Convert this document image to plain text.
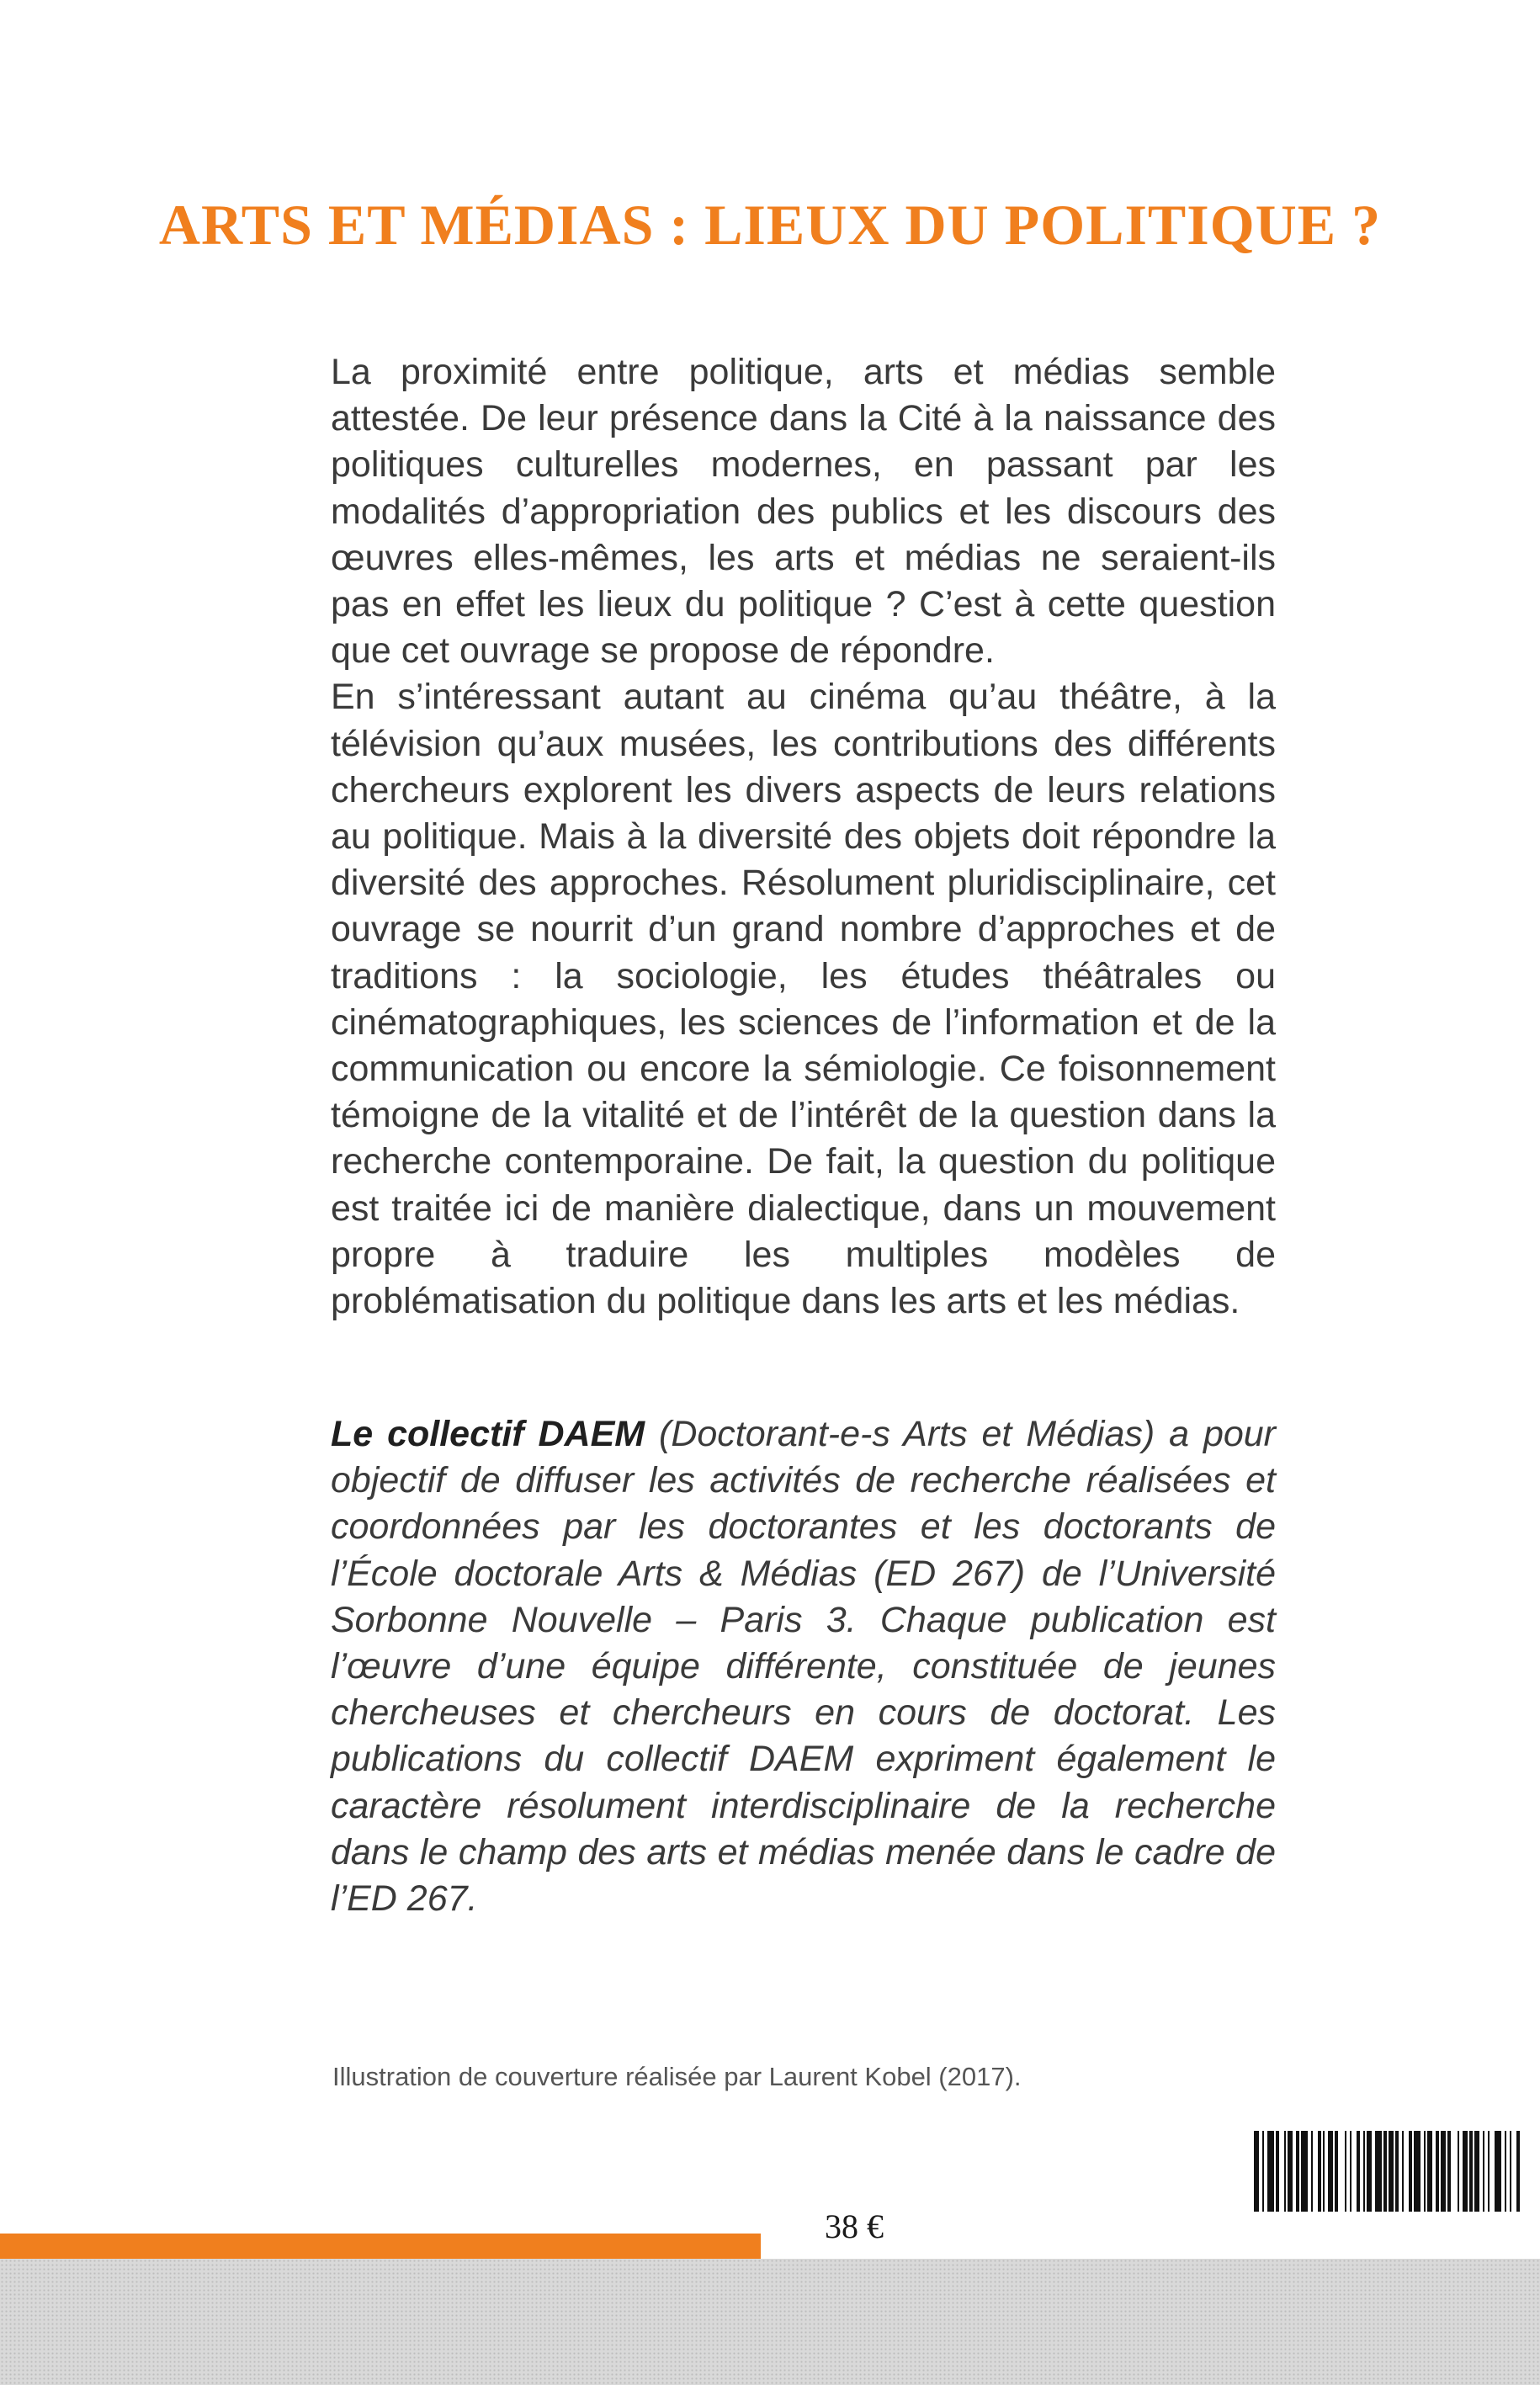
ARTS ET MÉDIAS : LIEUX DU POLITIQUE ?

La proximité entre politique, arts et médias semble attestée. De leur présence dans la Cité à la naissance des politiques culturelles modernes, en passant par les modalités d’appropriation des publics et les discours des œuvres elles-mêmes, les arts et médias ne seraient-ils pas en effet les lieux du politique ? C’est à cette question que cet ouvrage se propose de répondre.

En s’intéressant autant au cinéma qu’au théâtre, à la télévision qu’aux musées, les contributions des différents chercheurs explorent les divers aspects de leurs relations au politique. Mais à la diversité des objets doit répondre la diversité des approches. Résolument pluridisciplinaire, cet ouvrage se nourrit d’un grand nombre d’approches et de traditions : la sociologie, les études théâtrales ou cinématographiques, les sciences de l’information et de la communication ou encore la sémiologie. Ce foisonnement témoigne de la vitalité et de l’intérêt de la question dans la recherche contemporaine. De fait, la question du politique est traitée ici de manière dialectique, dans un mouvement propre à traduire les multiples modèles de problématisation du politique dans les arts et les médias.

Le collectif DAEM (Doctorant-e-s Arts et Médias) a pour objectif de diffuser les activités de recherche réalisées et coordonnées par les doctorantes et les doctorants de l’École doctorale Arts & Médias (ED 267) de l’Université Sorbonne Nouvelle – Paris 3. Chaque publication est l’œuvre d’une équipe différente, constituée de jeunes chercheuses et chercheurs en cours de doctorat. Les publications du collectif DAEM expriment également le caractère résolument interdisciplinaire de la recherche dans le champ des arts et médias menée dans le cadre de l’ED 267.

Illustration de couverture réalisée par Laurent Kobel (2017).

38 €
